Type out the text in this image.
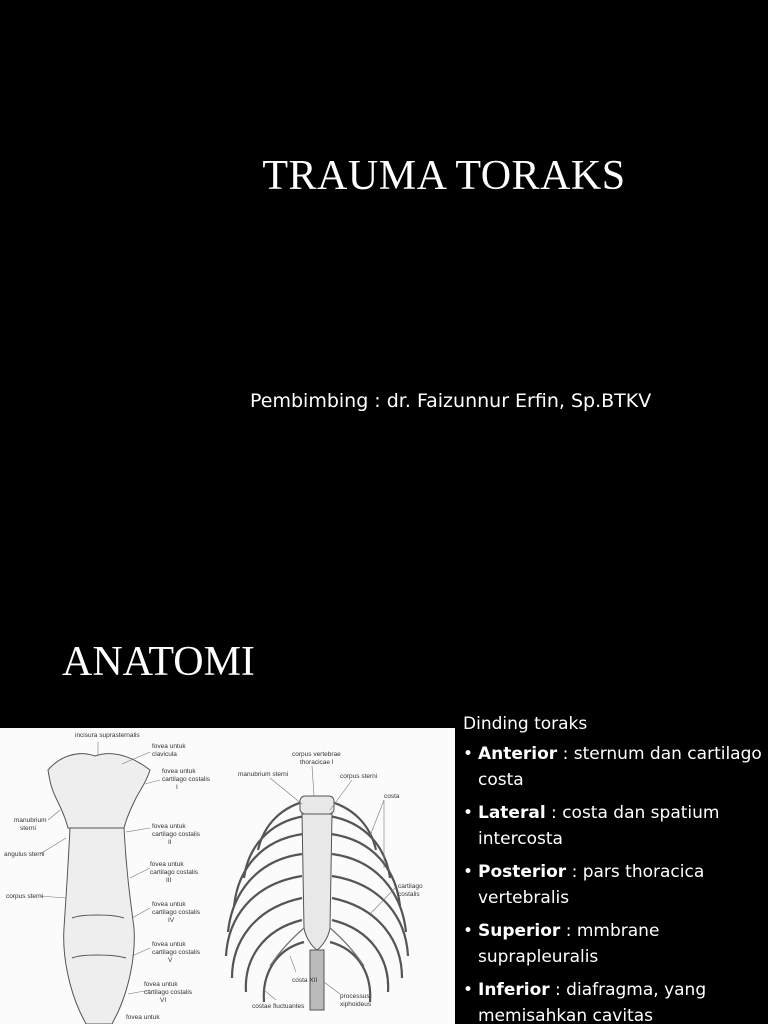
TRAUMA TORAKS
Pembimbing : dr. Faizunnur Erfin, Sp.BTKV
ANATOMI
incisura suprasternalis
fovea untuk
clavicula
fovea untuk
cartilago costalis
I
manubrium
sterni	fovea untuk
cartilago costalis
II
angulus sterni
fovea untuk
cartilago costalis
III
corpus sterni
fovea untuk
cartilago costalis
IV
fovea untuk
cartilago costalis
V
fovea untuk
cartilago costalis
VI
fovea untuk
corpus vertebrae
thoracicae I
manubrium sterni	corpus sterni
costa
cartilago
costalis
costa XII
costae fluctuantes
processus
xiphoideus
Dinding toraks
• Anterior : sternum dan cartilago costa
• Lateral : costa dan spatium intercosta
• Posterior : pars thoracica vertebralis
• Superior : mmbrane suprapleuralis
• Inferior : diafragma, yang memisahkan cavitas
